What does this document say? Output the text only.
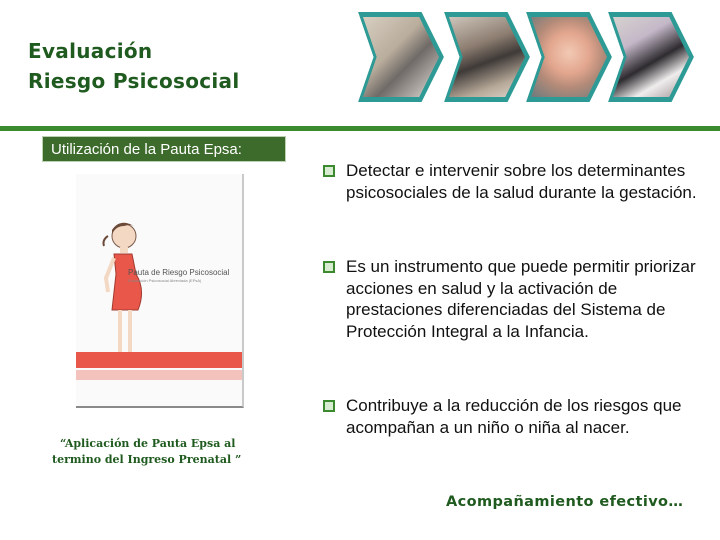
Evaluación
Riesgo Psicosocial
Utilización de la Pauta Epsa:
Pauta de Riesgo Psicosocial
Evaluación Psicosocial Abreviada (EPsA)
“Aplicación de Pauta Epsa al
termino del Ingreso Prenatal ”
Detectar e intervenir sobre los determinantes psicosociales de la salud durante la gestación.
Es un instrumento que puede permitir priorizar acciones en salud y la activación de prestaciones diferenciadas del Sistema de Protección Integral a la Infancia.
Contribuye a la reducción de los riesgos que acompañan a un niño o niña al nacer.
Acompañamiento efectivo…
